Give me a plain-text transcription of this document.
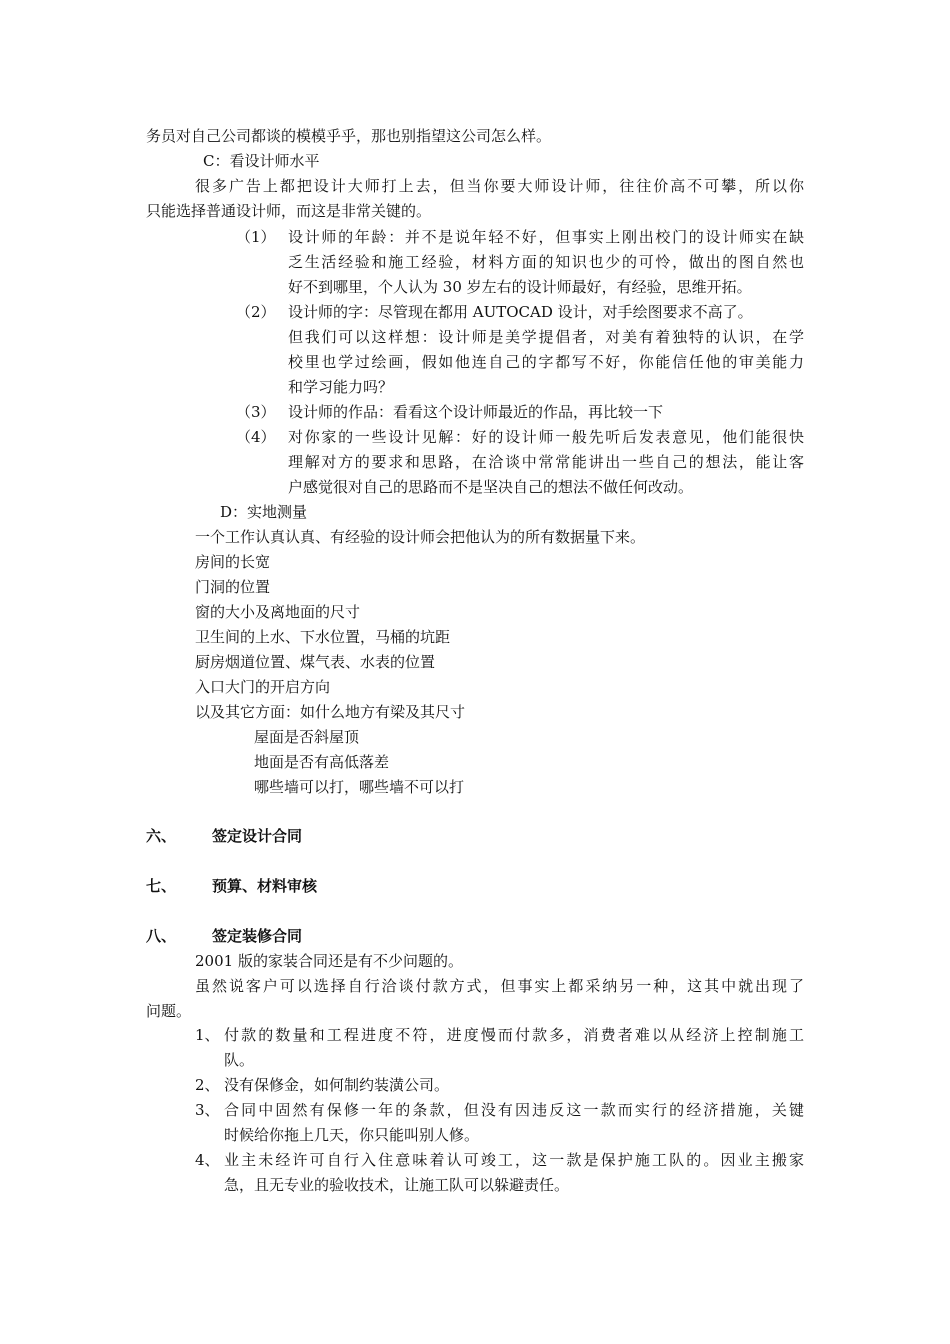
务员对自己公司都谈的模模乎乎，那也别指望这公司怎么样。
C：看设计师水平
很多广告上都把设计大师打上去，但当你要大师设计师，往往价高不可攀，所以你
只能选择普通设计师，而这是非常关键的。
（1） 设计师的年龄：并不是说年轻不好，但事实上刚出校门的设计师实在缺
乏生活经验和施工经验，材料方面的知识也少的可怜，做出的图自然也
好不到哪里，个人认为 30 岁左右的设计师最好，有经验，思维开拓。
（2） 设计师的字：尽管现在都用 AUTOCAD 设计，对手绘图要求不高了。
但我们可以这样想：设计师是美学提倡者，对美有着独特的认识，在学
校里也学过绘画，假如他连自己的字都写不好，你能信任他的审美能力
和学习能力吗？
（3） 设计师的作品：看看这个设计师最近的作品，再比较一下
（4） 对你家的一些设计见解：好的设计师一般先听后发表意见，他们能很快
理解对方的要求和思路，在洽谈中常常能讲出一些自己的想法，能让客
户感觉很对自己的思路而不是坚决自己的想法不做任何改动。
D：实地测量
一个工作认真认真、有经验的设计师会把他认为的所有数据量下来。
房间的长宽
门洞的位置
窗的大小及离地面的尺寸
卫生间的上水、下水位置，马桶的坑距
厨房烟道位置、煤气表、水表的位置
入口大门的开启方向
以及其它方面：如什么地方有梁及其尺寸
屋面是否斜屋顶
地面是否有高低落差
哪些墙可以打，哪些墙不可以打
六、 签定设计合同
七、 预算、材料审核
八、 签定装修合同
2001 版的家装合同还是有不少问题的。
虽然说客户可以选择自行洽谈付款方式，但事实上都采纳另一种，这其中就出现了
问题。
1、 付款的数量和工程进度不符，进度慢而付款多，消费者难以从经济上控制施工
队。
2、 没有保修金，如何制约装潢公司。
3、 合同中固然有保修一年的条款，但没有因违反这一款而实行的经济措施，关键
时候给你拖上几天，你只能叫别人修。
4、 业主未经许可自行入住意味着认可竣工，这一款是保护施工队的。因业主搬家
急，且无专业的验收技术，让施工队可以躲避责任。
